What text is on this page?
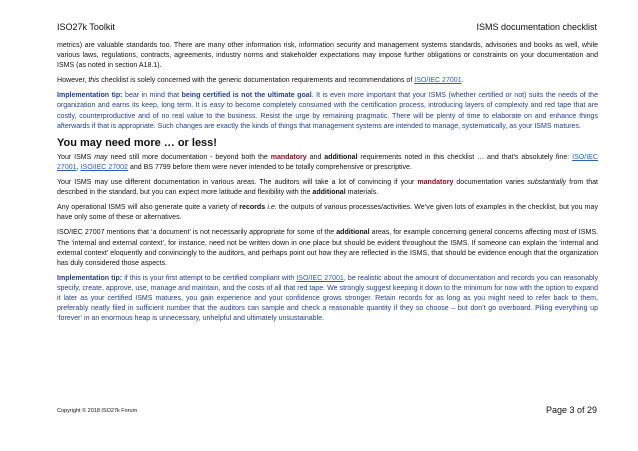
ISO27k Toolkit	ISMS documentation checklist

metrics) are valuable standards too. There are many other information risk, information security and management systems standards, advisories and books as well, while various laws, regulations, contracts, agreements, industry norms and stakeholder expectations may impose further obligations or constraints on your documentation and ISMS (as noted in section A18.1).

However, this checklist is solely concerned with the generic documentation requirements and recommendations of ISO/IEC 27001.

Implementation tip: bear in mind that being certified is not the ultimate goal. It is even more important that your ISMS (whether certified or not) suits the needs of the organization and earns its keep, long term. It is easy to become completely consumed with the certification process, introducing layers of complexity and red tape that are costly, counterproductive and of no real value to the business. Resist the urge by remaining pragmatic. There will be plenty of time to elaborate on and enhance things afterwards if that is appropriate. Such changes are exactly the kinds of things that management systems are intended to manage, systematically, as your ISMS matures.

You may need more … or less!

Your ISMS may need still more documentation - beyond both the mandatory and additional requirements noted in this checklist … and that’s absolutely fine: ISO/IEC 27001, ISO/IEC 27002 and BS 7799 before them were never intended to be totally comprehensive or prescriptive.

Your ISMS may use different documentation in various areas. The auditors will take a lot of convincing if your mandatory documentation varies substantially from that described in the standard, but you can expect more latitude and flexibility with the additional materials.

Any operational ISMS will also generate quite a variety of records i.e. the outputs of various processes/activities. We’ve given lots of examples in the checklist, but you may have only some of these or alternatives.

ISO/IEC 27007 mentions that ‘a document’ is not necessarily appropriate for some of the additional areas, for example concerning general concerns affecting most of ISMS. The ‘internal and external context’, for instance, need not be written down in one place but should be evident throughout the ISMS. If someone can explain the ‘internal and external context’ eloquently and convincingly to the auditors, and perhaps point out how they are reflected in the ISMS, that should be evidence enough that the organization has duly considered those aspects.

Implementation tip: if this is your first attempt to be certified compliant with ISO/IEC 27001, be realistic about the amount of documentation and records you can reasonably specify, create, approve, use, manage and maintain, and the costs of all that red tape. We strongly suggest keeping it down to the minimum for now with the option to expand it later as your certified ISMS matures, you gain experience and your confidence grows stronger. Retain records for as long as you might need to refer back to them, preferably neatly filed in sufficient number that the auditors can sample and check a reasonable quantity if they so choose – but don’t go overboard. Piling everything up ‘forever’ in an enormous heap is unnecessary, unhelpful and ultimately unsustainable.

Copyright © 2018 ISO27k Forum	Page 3 of 29
